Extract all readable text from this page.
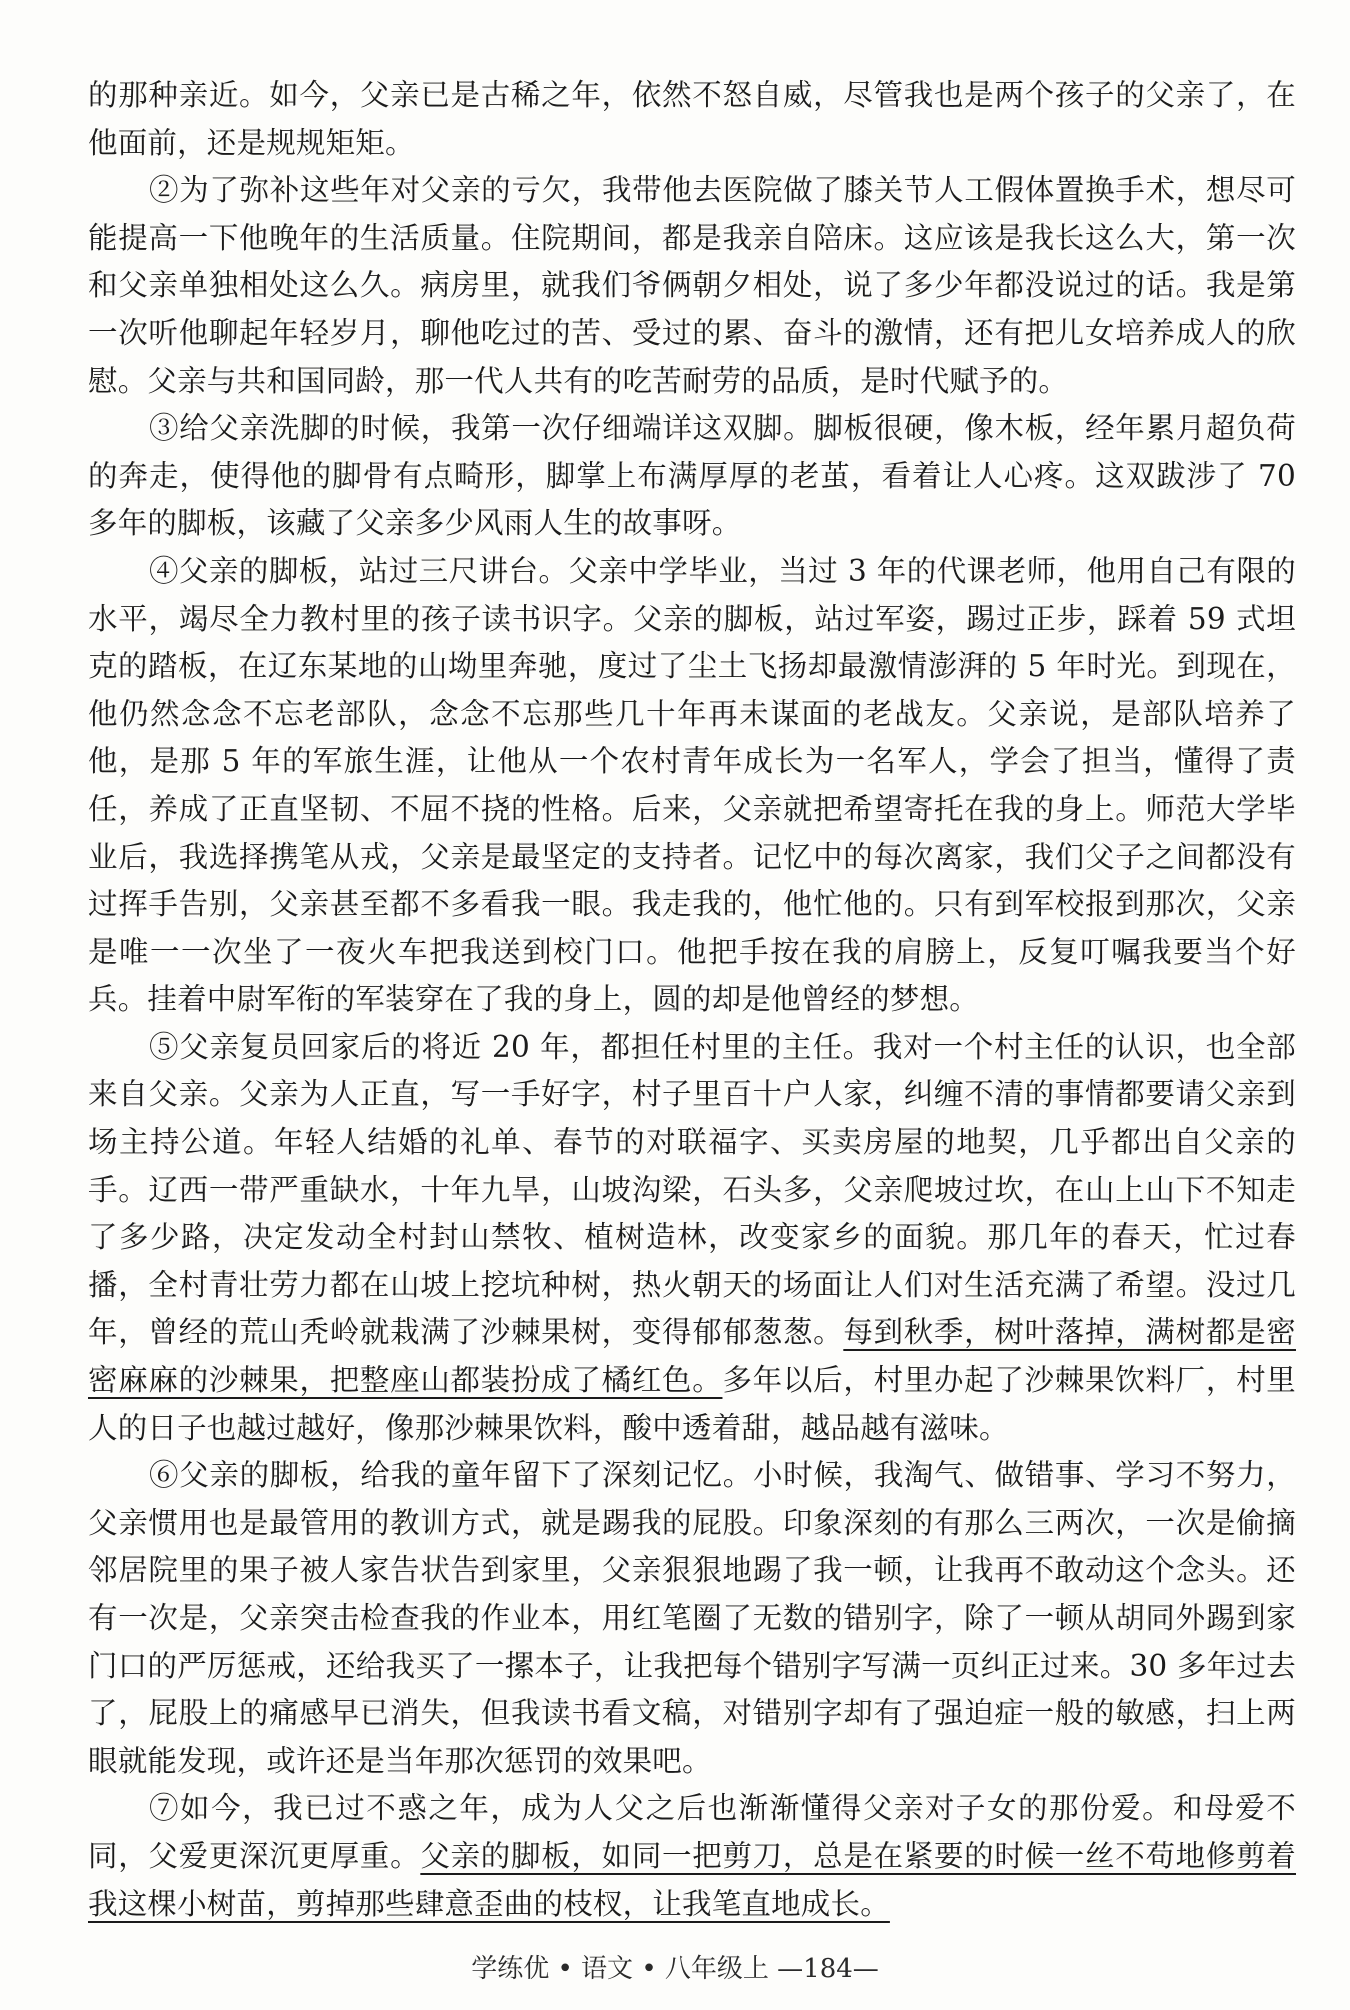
的那种亲近。如今，父亲已是古稀之年，依然不怒自威，尽管我也是两个孩子的父亲了，在他面前，还是规规矩矩。

②为了弥补这些年对父亲的亏欠，我带他去医院做了膝关节人工假体置换手术，想尽可能提高一下他晚年的生活质量。住院期间，都是我亲自陪床。这应该是我长这么大，第一次和父亲单独相处这么久。病房里，就我们爷俩朝夕相处，说了多少年都没说过的话。我是第一次听他聊起年轻岁月，聊他吃过的苦、受过的累、奋斗的激情，还有把儿女培养成人的欣慰。父亲与共和国同龄，那一代人共有的吃苦耐劳的品质，是时代赋予的。

③给父亲洗脚的时候，我第一次仔细端详这双脚。脚板很硬，像木板，经年累月超负荷的奔走，使得他的脚骨有点畸形，脚掌上布满厚厚的老茧，看着让人心疼。这双跋涉了 70 多年的脚板，该藏了父亲多少风雨人生的故事呀。

④父亲的脚板，站过三尺讲台。父亲中学毕业，当过 3 年的代课老师，他用自己有限的水平，竭尽全力教村里的孩子读书识字。父亲的脚板，站过军姿，踢过正步，踩着 59 式坦克的踏板，在辽东某地的山坳里奔驰，度过了尘土飞扬却最激情澎湃的 5 年时光。到现在，他仍然念念不忘老部队，念念不忘那些几十年再未谋面的老战友。父亲说，是部队培养了他，是那 5 年的军旅生涯，让他从一个农村青年成长为一名军人，学会了担当，懂得了责任，养成了正直坚韧、不屈不挠的性格。后来，父亲就把希望寄托在我的身上。师范大学毕业后，我选择携笔从戎，父亲是最坚定的支持者。记忆中的每次离家，我们父子之间都没有过挥手告别，父亲甚至都不多看我一眼。我走我的，他忙他的。只有到军校报到那次，父亲是唯一一次坐了一夜火车把我送到校门口。他把手按在我的肩膀上，反复叮嘱我要当个好兵。挂着中尉军衔的军装穿在了我的身上，圆的却是他曾经的梦想。

⑤父亲复员回家后的将近 20 年，都担任村里的主任。我对一个村主任的认识，也全部来自父亲。父亲为人正直，写一手好字，村子里百十户人家，纠缠不清的事情都要请父亲到场主持公道。年轻人结婚的礼单、春节的对联福字、买卖房屋的地契，几乎都出自父亲的手。辽西一带严重缺水，十年九旱，山坡沟梁，石头多，父亲爬坡过坎，在山上山下不知走了多少路，决定发动全村封山禁牧、植树造林，改变家乡的面貌。那几年的春天，忙过春播，全村青壮劳力都在山坡上挖坑种树，热火朝天的场面让人们对生活充满了希望。没过几年，曾经的荒山秃岭就栽满了沙棘果树，变得郁郁葱葱。每到秋季，树叶落掉，满树都是密密麻麻的沙棘果，把整座山都装扮成了橘红色。多年以后，村里办起了沙棘果饮料厂，村里人的日子也越过越好，像那沙棘果饮料，酸中透着甜，越品越有滋味。

⑥父亲的脚板，给我的童年留下了深刻记忆。小时候，我淘气、做错事、学习不努力，父亲惯用也是最管用的教训方式，就是踢我的屁股。印象深刻的有那么三两次，一次是偷摘邻居院里的果子被人家告状告到家里，父亲狠狠地踢了我一顿，让我再不敢动这个念头。还有一次是，父亲突击检查我的作业本，用红笔圈了无数的错别字，除了一顿从胡同外踢到家门口的严厉惩戒，还给我买了一摞本子，让我把每个错别字写满一页纠正过来。30 多年过去了，屁股上的痛感早已消失，但我读书看文稿，对错别字却有了强迫症一般的敏感，扫上两眼就能发现，或许还是当年那次惩罚的效果吧。

⑦如今，我已过不惑之年，成为人父之后也渐渐懂得父亲对子女的那份爱。和母爱不同，父爱更深沉更厚重。父亲的脚板，如同一把剪刀，总是在紧要的时候一丝不苟地修剪着我这棵小树苗，剪掉那些肆意歪曲的枝杈，让我笔直地成长。

学练优 • 语文 • 八年级上 —184—
